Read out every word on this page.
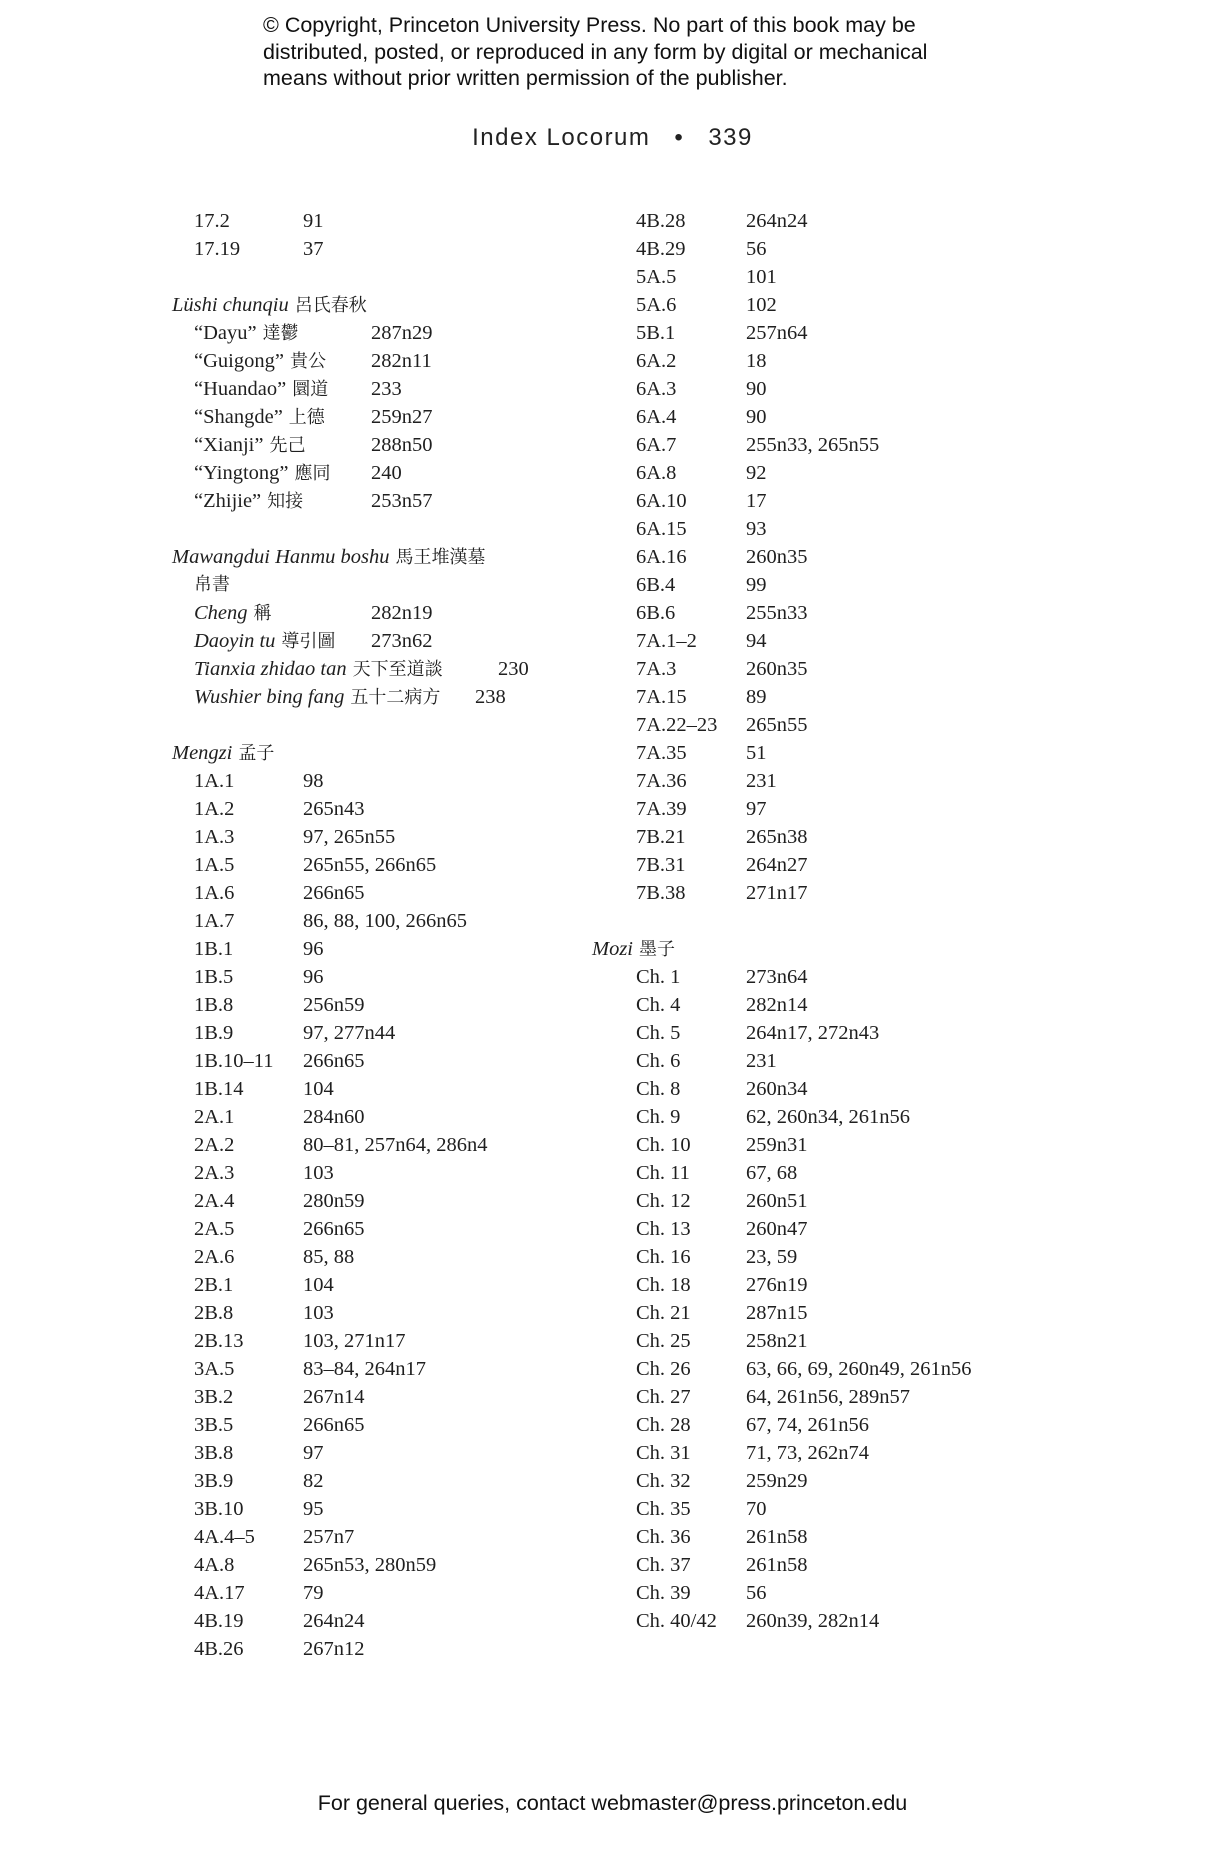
© Copyright, Princeton University Press. No part of this book may be
distributed, posted, or reproduced in any form by digital or mechanical
means without prior written permission of the publisher.
Index Locorum • 339
17.2	91
17.19	37
Lüshi chunqiu 呂氏春秋
“Dayu” 達鬱	287n29
“Guigong” 貴公 282n11
“Huandao” 圜道 233
“Shangde” 上德 259n27
“Xianji” 先己	288n50
“Yingtong” 應同 240
“Zhijie” 知接	253n57
Mawangdui Hanmu boshu 馬王堆漢墓
帛書
Cheng 稱	282n19
Daoyin tu 導引圖 273n62
Tianxia zhidao tan 天下至道談	230
Wushier bing fang 五十二病方 238
Mengzi 孟子
1A.1	98
1A.2	265n43
1A.3	97, 265n55
1A.5	265n55, 266n65
1A.6	266n65
1A.7	86, 88, 100, 266n65
1B.1	96
1B.5	96
1B.8	256n59
1B.9	97, 277n44
1B.10–11 266n65
1B.14	104
2A.1	284n60
2A.2	80–81, 257n64, 286n4
2A.3	103
2A.4	280n59
2A.5	266n65
2A.6	85, 88
2B.1	104
2B.8	103
2B.13	103, 271n17
3A.5	83–84, 264n17
3B.2	267n14
3B.5	266n65
3B.8	97
3B.9	82
3B.10	95
4A.4–5 257n7
4A.8	265n53, 280n59
4A.17	79
4B.19	264n24
4B.26	267n12
4B.28	264n24
4B.29	56
5A.5	101
5A.6	102
5B.1	257n64
6A.2	18
6A.3	90
6A.4	90
6A.7	255n33, 265n55
6A.8	92
6A.10	17
6A.15	93
6A.16	260n35
6B.4	99
6B.6	255n33
7A.1–2 94
7A.3	260n35
7A.15	89
7A.22–23 265n55
7A.35	51
7A.36	231
7A.39	97
7B.21	265n38
7B.31	264n27
7B.38	271n17
Mozi 墨子
Ch. 1	273n64
Ch. 4	282n14
Ch. 5	264n17, 272n43
Ch. 6	231
Ch. 8	260n34
Ch. 9	62, 260n34, 261n56
Ch. 10	259n31
Ch. 11	67, 68
Ch. 12	260n51
Ch. 13	260n47
Ch. 16	23, 59
Ch. 18	276n19
Ch. 21	287n15
Ch. 25	258n21
Ch. 26	63, 66, 69, 260n49, 261n56
Ch. 27	64, 261n56, 289n57
Ch. 28	67, 74, 261n56
Ch. 31	71, 73, 262n74
Ch. 32	259n29
Ch. 35	70
Ch. 36	261n58
Ch. 37	261n58
Ch. 39	56
Ch. 40/42 260n39, 282n14
For general queries, contact webmaster@press.princeton.edu
